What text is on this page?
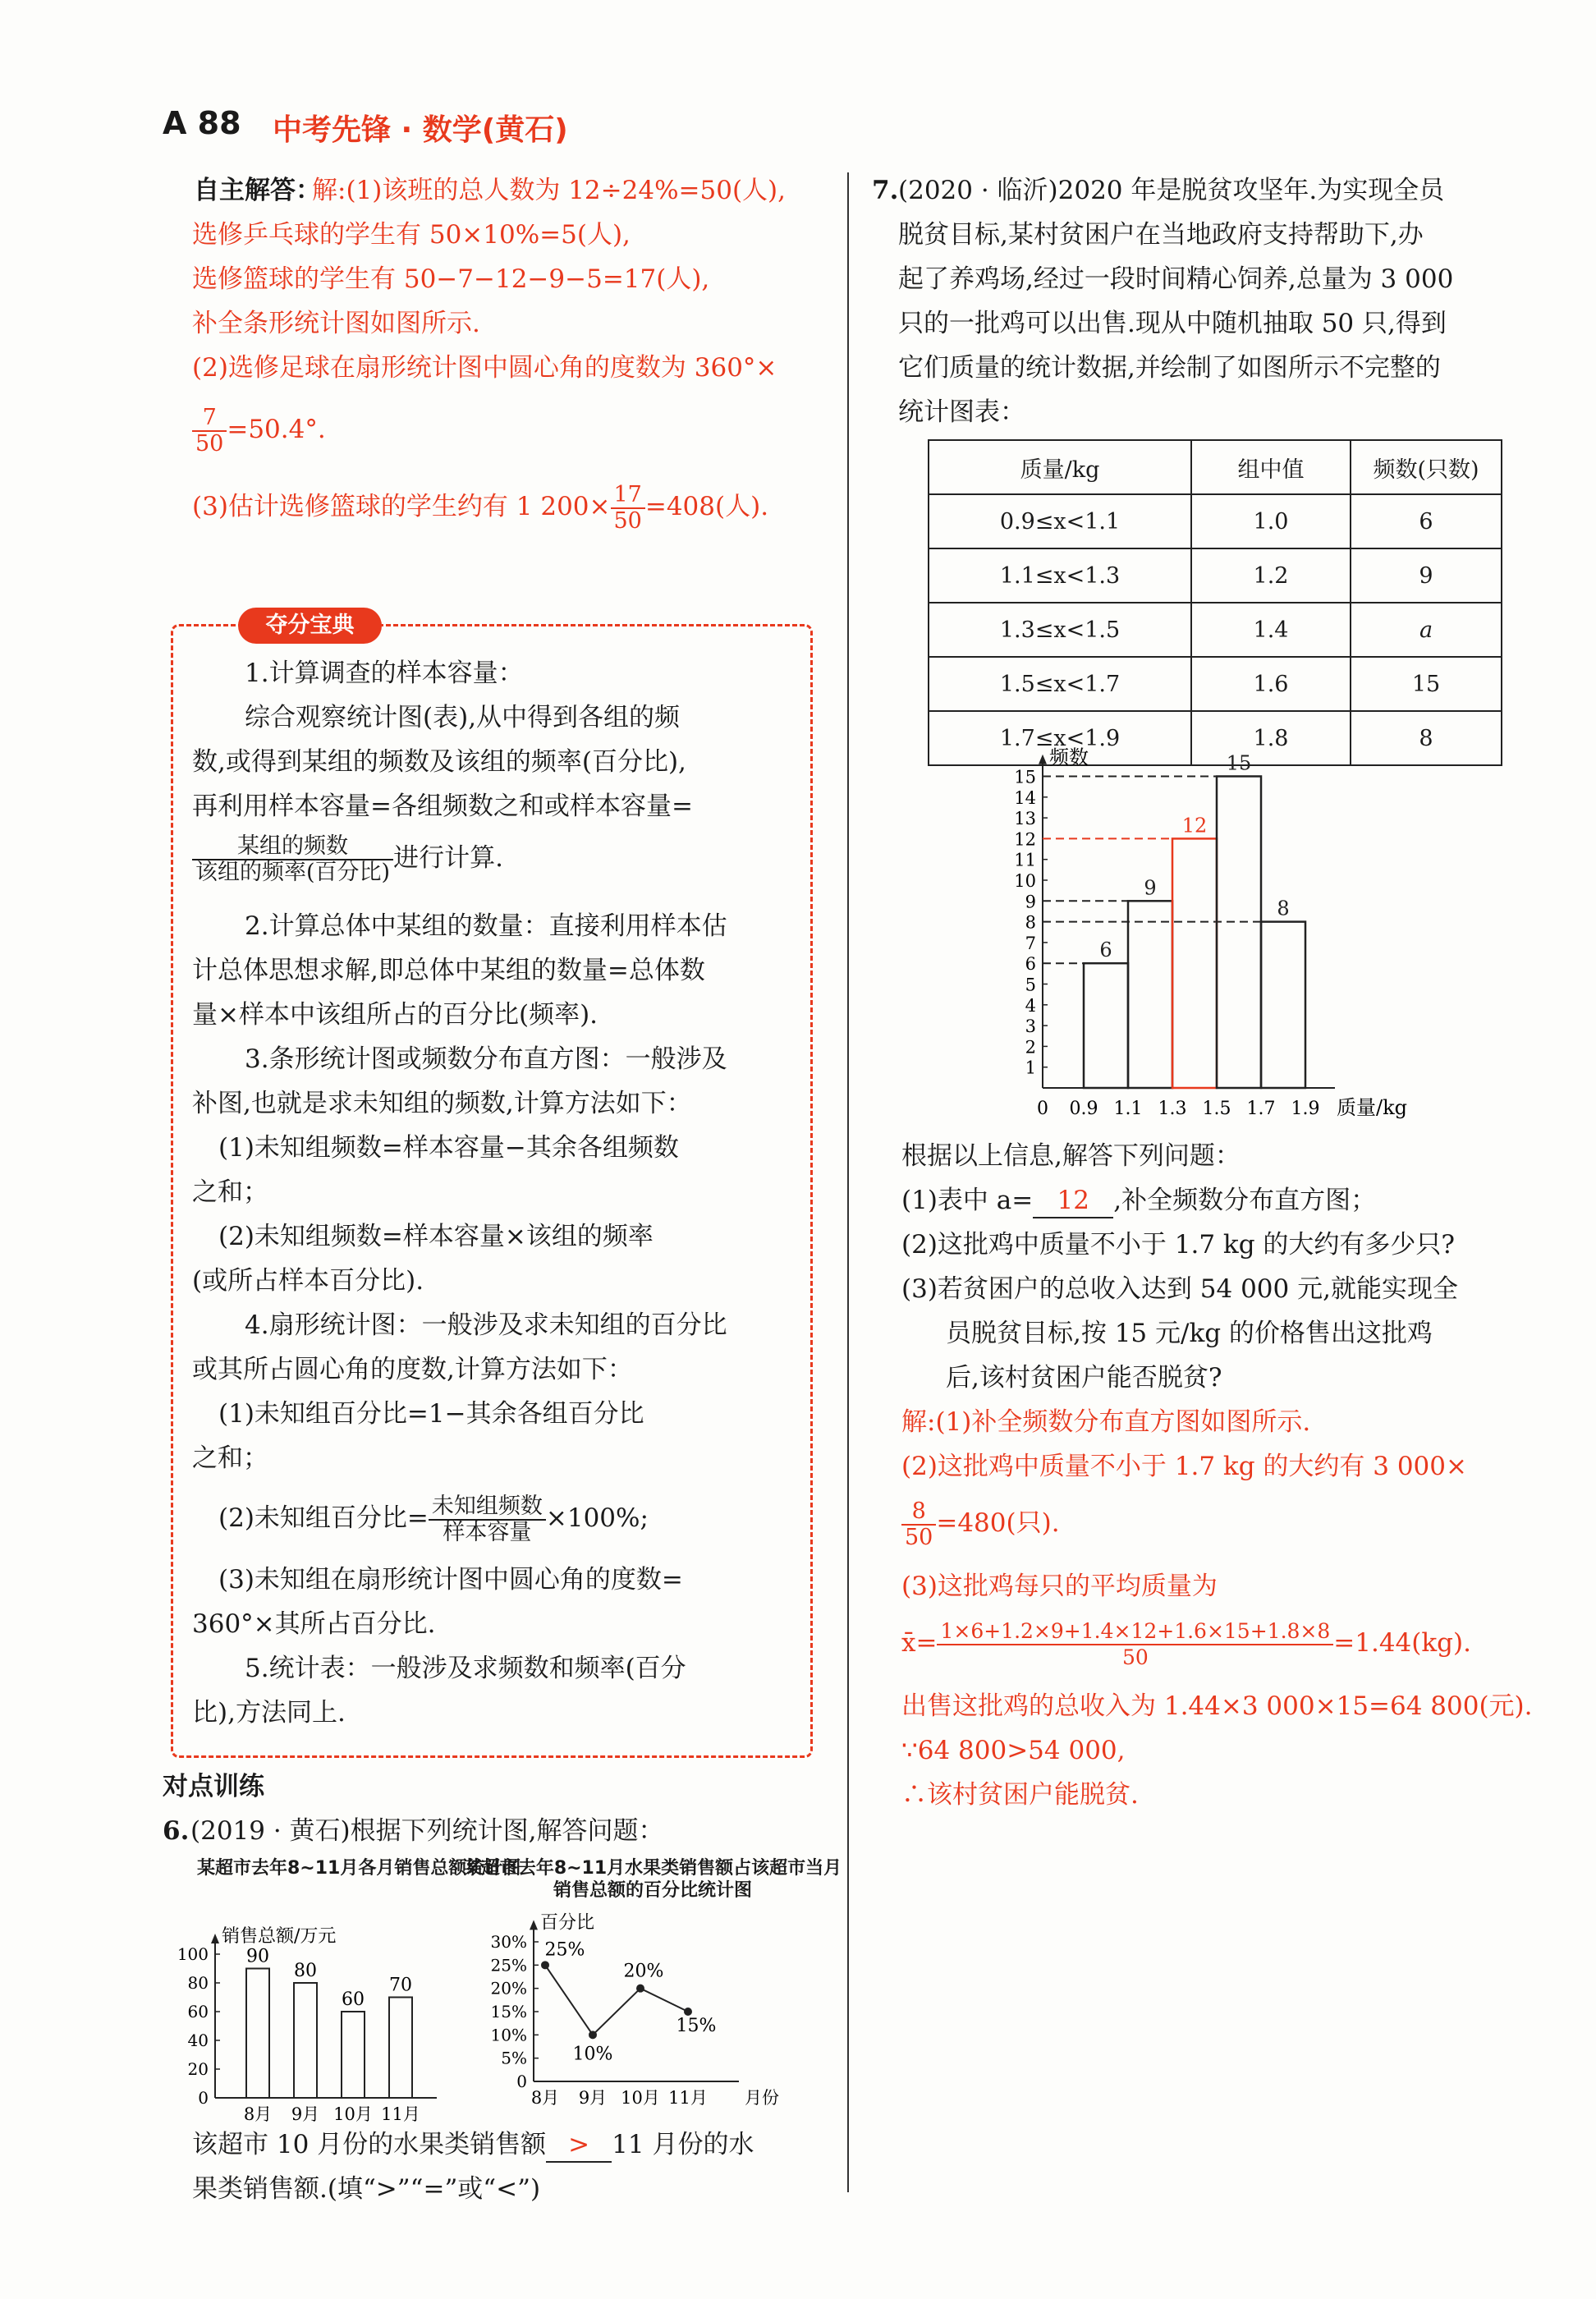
A 88 中考先锋 · 数学(黄石)
自主解答：
解:(1)该班的总人数为 12÷24%=50(人),
选修乒乓球的学生有 50×10%=5(人),
选修篮球的学生有 50−7−12−9−5=17(人),
补全条形统计图如图所示.
(2)选修足球在扇形统计图中圆心角的度数为 360°×
$\frac{7}{50} =50.4^\circ$.
(3)估计选修篮球的学生约有 1 $200\times \frac{17}{50} =408$(人).
夺分宝典
1.计算调查的样本容量：
综合观察统计图(表),从中得到各组的频
数,或得到某组的频数及该组的频率(百分比),
再利用样本容量=各组频数之和或样本容量=
$\frac{\text{某组的频数}}{\text{该组的频率(百分比)}}$ 进行计算.
2.计算总体中某组的数量：直接利用样本估
计总体思想求解,即总体中某组的数量=总体数
量×样本中该组所占的百分比(频率).
3.条形统计图或频数分布直方图：一般涉及
补图,也就是求未知组的频数,计算方法如下：
(1)未知组频数=样本容量−其余各组频数
之和；
(2)未知组频数=样本容量×该组的频率
(或所占样本百分比).
4.扇形统计图：一般涉及求未知组的百分比
或其所占圆心角的度数,计算方法如下：
(1)未知组百分比=1−其余各组百分比
之和；
(2)未知组百分比= $\frac{\text{未知组频数}}{\text{样本容量}} \times 100\%$;
(3)未知组在扇形统计图中圆心角的度数=
360°×其所占百分比.
5.统计表：一般涉及求频数和频率(百分
比),方法同上.
对点训练
6. (2019 · 黄石)根据下列统计图,解答问题：
某超市去年8~11月各月销售总额统计图
某超市去年8~11月水果类销售额占该超市当月销售总额的百分比统计图
销售总额/万元
0
20
40
60
80
100 90
8月
80
9月
60
10月
70
11月
百分比
0
5%
10%
15%
20%
25%
30% 25%
8月
10%
9月
20%
10月
15%
11月 月份
该超市 10 月份的水果类销售额 > 11 月份的水
果类销售额.(填“>”“=”或“<”)
7. (2020 · 临沂)2020 年是脱贫攻坚年.为实现全员
脱贫目标,某村贫困户在当地政府支持帮助下,办
起了养鸡场,经过一段时间精心饲养,总量为 3 000
只的一批鸡可以出售.现从中随机抽取 50 只,得到
它们质量的统计数据,并绘制了如图所示不完整的
统计图表：
质量/kg	组中值	频数(只数)
0.9≤x<1.1	1.0	6
1.1≤x<1.3	1.2	9
1.3≤x<1.5	1.4	a
1.5≤x<1.7	1.6	15
1.7≤x<1.9	1.8	8
频数
质量/kg
1
2
3
4
5
6
7
8
9
10
11
12
13
14
15
0 0.9 1.1 1.3 1.5 1.7 1.9
6
9
12
15
8
根据以上信息,解答下列问题：
(1)表中 a= 12 ,补全频数分布直方图；
(2)这批鸡中质量不小于 1.7 kg 的大约有多少只?
(3)若贫困户的总收入达到 54 000 元,就能实现全
员脱贫目标,按 15 元/kg 的价格售出这批鸡
后,该村贫困户能否脱贫?
解:(1)补全频数分布直方图如图所示.
(2)这批鸡中质量不小于 1.7 kg 的大约有 3 000×
$\frac{8}{50} =480$(只).
(3)这批鸡每只的平均质量为
x̄= $\frac{1\times 6+1.2\times 9+1.4\times 12+1.6\times 15+1.8\times 8}{50} =1.44(kg)$.
出售这批鸡的总收入为 1.44×3 000×15=64 800(元).
∵64 800>54 000,
∴该村贫困户能脱贫.
